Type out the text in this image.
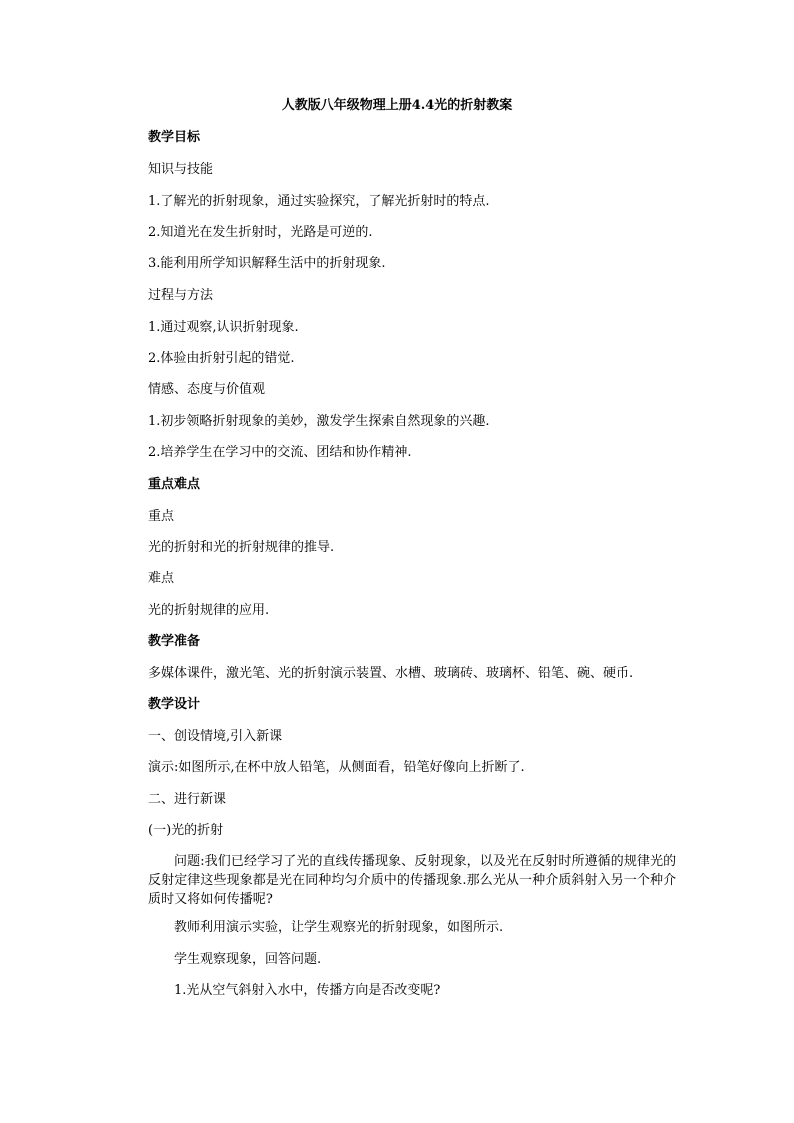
人教版八年级物理上册4.4光的折射教案
教学目标
知识与技能
1.了解光的折射现象，通过实验探究，了解光折射时的特点.
2.知道光在发生折射时，光路是可逆的.
3.能利用所学知识解释生活中的折射现象.
过程与方法
1.通过观察,认识折射现象.
2.体验由折射引起的错觉.
情感、态度与价值观
1.初步领略折射现象的美妙，激发学生探索自然现象的兴趣.
2.培养学生在学习中的交流、团结和协作精神.
重点难点
重点
光的折射和光的折射规律的推导.
难点
光的折射规律的应用.
教学准备
多媒体课件，激光笔、光的折射演示装置、水槽、玻璃砖、玻璃杯、铅笔、碗、硬币.
教学设计
一、创设情境,引入新课
演示:如图所示,在杯中放人铅笔，从侧面看，铅笔好像向上折断了.
二、进行新课
(一)光的折射
问题:我们已经学习了光的直线传播现象、反射现象，以及光在反射时所遵循的规律光的反射定律这些现象都是光在同种均匀介质中的传播现象.那么光从一种介质斜射入另一个种介质时又将如何传播呢?
教师利用演示实验，让学生观察光的折射现象，如图所示.
学生观察现象，回答问题.
1.光从空气斜射入水中，传播方向是否改变呢?
